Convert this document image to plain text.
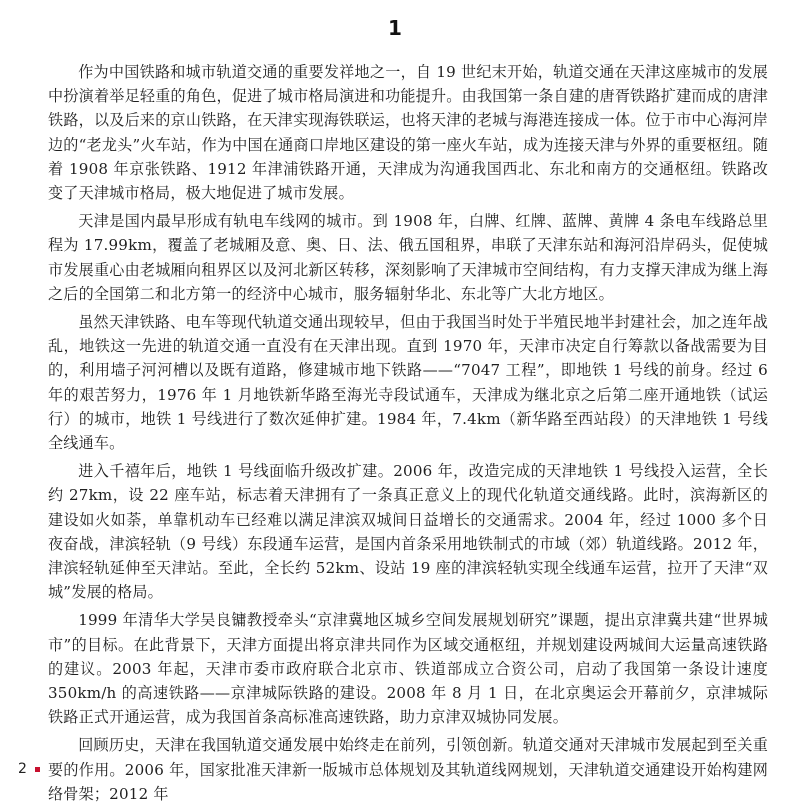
1

作为中国铁路和城市轨道交通的重要发祥地之一，自 19 世纪末开始，轨道交通在天津这座城市的发展中扮演着举足轻重的角色，促进了城市格局演进和功能提升。由我国第一条自建的唐胥铁路扩建而成的唐津铁路，以及后来的京山铁路，在天津实现海铁联运，也将天津的老城与海港连接成一体。位于市中心海河岸边的“老龙头”火车站，作为中国在通商口岸地区建设的第一座火车站，成为连接天津与外界的重要枢纽。随着 1908 年京张铁路、1912 年津浦铁路开通，天津成为沟通我国西北、东北和南方的交通枢纽。铁路改变了天津城市格局，极大地促进了城市发展。

天津是国内最早形成有轨电车线网的城市。到 1908 年，白牌、红牌、蓝牌、黄牌 4 条电车线路总里程为 17.99km，覆盖了老城厢及意、奥、日、法、俄五国租界，串联了天津东站和海河沿岸码头，促使城市发展重心由老城厢向租界区以及河北新区转移，深刻影响了天津城市空间结构，有力支撑天津成为继上海之后的全国第二和北方第一的经济中心城市，服务辐射华北、东北等广大北方地区。

虽然天津铁路、电车等现代轨道交通出现较早，但由于我国当时处于半殖民地半封建社会，加之连年战乱，地铁这一先进的轨道交通一直没有在天津出现。直到 1970 年，天津市决定自行筹款以备战需要为目的，利用墙子河河槽以及既有道路，修建城市地下铁路——“7047 工程”，即地铁 1 号线的前身。经过 6 年的艰苦努力，1976 年 1 月地铁新华路至海光寺段试通车，天津成为继北京之后第二座开通地铁（试运行）的城市，地铁 1 号线进行了数次延伸扩建。1984 年，7.4km（新华路至西站段）的天津地铁 1 号线全线通车。

进入千禧年后，地铁 1 号线面临升级改扩建。2006 年，改造完成的天津地铁 1 号线投入运营，全长约 27km，设 22 座车站，标志着天津拥有了一条真正意义上的现代化轨道交通线路。此时，滨海新区的建设如火如荼，单靠机动车已经难以满足津滨双城间日益增长的交通需求。2004 年，经过 1000 多个日夜奋战，津滨轻轨（9 号线）东段通车运营，是国内首条采用地铁制式的市域（郊）轨道线路。2012 年，津滨轻轨延伸至天津站。至此，全长约 52km、设站 19 座的津滨轻轨实现全线通车运营，拉开了天津“双城”发展的格局。

1999 年清华大学吴良镛教授牵头“京津冀地区城乡空间发展规划研究”课题，提出京津冀共建“世界城市”的目标。在此背景下，天津方面提出将京津共同作为区域交通枢纽，并规划建设两城间大运量高速铁路的建议。2003 年起，天津市委市政府联合北京市、铁道部成立合资公司，启动了我国第一条设计速度 350km/h 的高速铁路——京津城际铁路的建设。2008 年 8 月 1 日，在北京奥运会开幕前夕，京津城际铁路正式开通运营，成为我国首条高标准高速铁路，助力京津双城协同发展。

回顾历史，天津在我国轨道交通发展中始终走在前列，引领创新。轨道交通对天津城市发展起到至关重要的作用。2006 年，国家批准天津新一版城市总体规划及其轨道线网规划，天津轨道交通建设开始构建网络骨架；2012 年

2
